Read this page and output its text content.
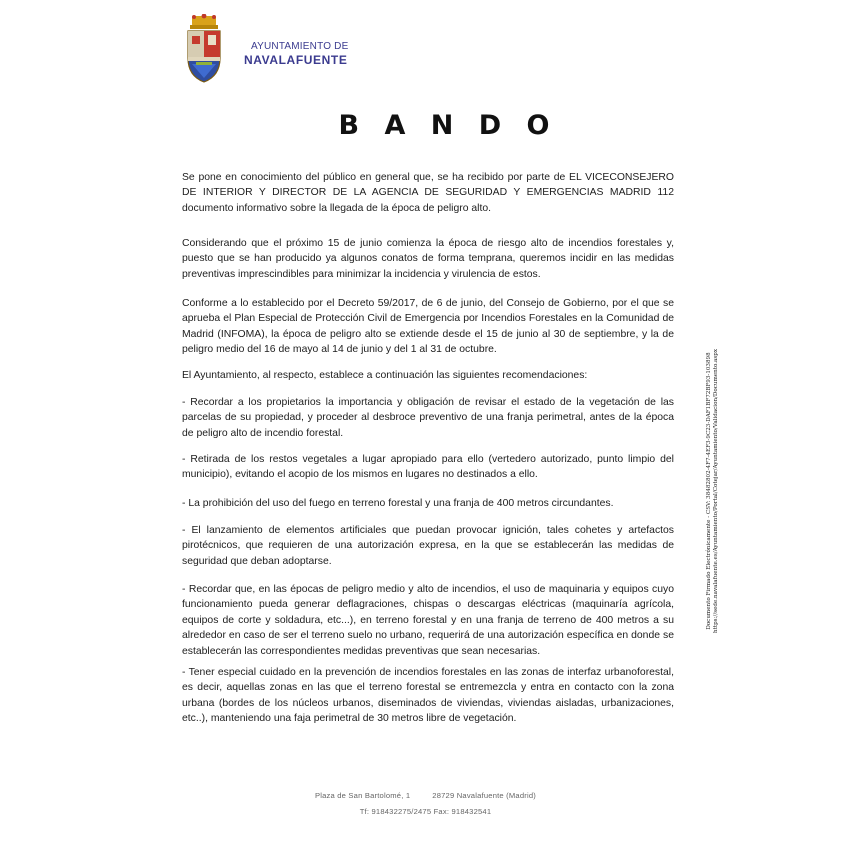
AYUNTAMIENTO DE
NAVALAFUENTE
B A N D O

Se pone en conocimiento del público en general que, se ha recibido por parte de EL VICECONSEJERO DE INTERIOR Y DIRECTOR DE LA AGENCIA DE SEGURIDAD Y EMERGENCIAS MADRID 112 documento informativo sobre la llegada de la época de peligro alto.

Considerando que el próximo 15 de junio comienza la época de riesgo alto de incendios forestales y, puesto que se han producido ya algunos conatos de forma temprana, queremos incidir en las medidas preventivas imprescindibles para minimizar la incidencia y virulencia de estos.

Conforme a lo establecido por el Decreto 59/2017, de 6 de junio, del Consejo de Gobierno, por el que se aprueba el Plan Especial de Protección Civil de Emergencia por Incendios Forestales en la Comunidad de Madrid (INFOMA), la época de peligro alto se extiende desde el 15 de junio al 30 de septiembre, y la de peligro medio del 16 de mayo al 14 de junio y del 1 al 31 de octubre.

El Ayuntamiento, al respecto, establece a continuación las siguientes recomendaciones:

- Recordar a los propietarios la importancia y obligación de revisar el estado de la vegetación de las parcelas de su propiedad, y proceder al desbroce preventivo de una franja perimetral, antes de la época de peligro alto de incendio forestal.

- Retirada de los restos vegetales a lugar apropiado para ello (vertedero autorizado, punto limpio del municipio), evitando el acopio de los mismos en lugares no destinados a ello.

- La prohibición del uso del fuego en terreno forestal y una franja de 400 metros circundantes.

- El lanzamiento de elementos artificiales que puedan provocar ignición, tales cohetes y artefactos pirotécnicos, que requieren de una autorización expresa, en la que se establecerán las medidas de seguridad que deban adoptarse.

- Recordar que, en las épocas de peligro medio y alto de incendios, el uso de maquinaria y equipos cuyo funcionamiento pueda generar deflagraciones, chispas o descargas eléctricas (maquinaría agrícola, equipos de corte y soldadura, etc...), en terreno forestal y en una franja de terreno de 400 metros a su alrededor en caso de ser el terreno suelo no urbano, requerirá de una autorización específica en donde se establecerán las correspondientes medidas preventivas que sean necesarias.

- Tener especial cuidado en la prevención de incendios forestales en las zonas de interfaz urbanoforestal, es decir, aquellas zonas en las que el terreno forestal se entremezcla y entra en contacto con la zona urbana (bordes de los núcleos urbanos, diseminados de viviendas, viviendas aisladas, urbanizaciones, etc..), manteniendo una faja perimetral de 30 metros libre de vegetación.

Documento Firmado Electrónicamente - CSV: 38482802-4F7-4EF3-9C23-DAF1BF72BF93-103898 https://sede.navalafuente.es/Ayuntamiento/Portal/Cotejar/Ayuntamiento/Validacion/Documento.aspx
Plaza de San Bartolomé, 1	28729 Navalafuente (Madrid)
Tf: 918432275/2475 Fax: 918432541
